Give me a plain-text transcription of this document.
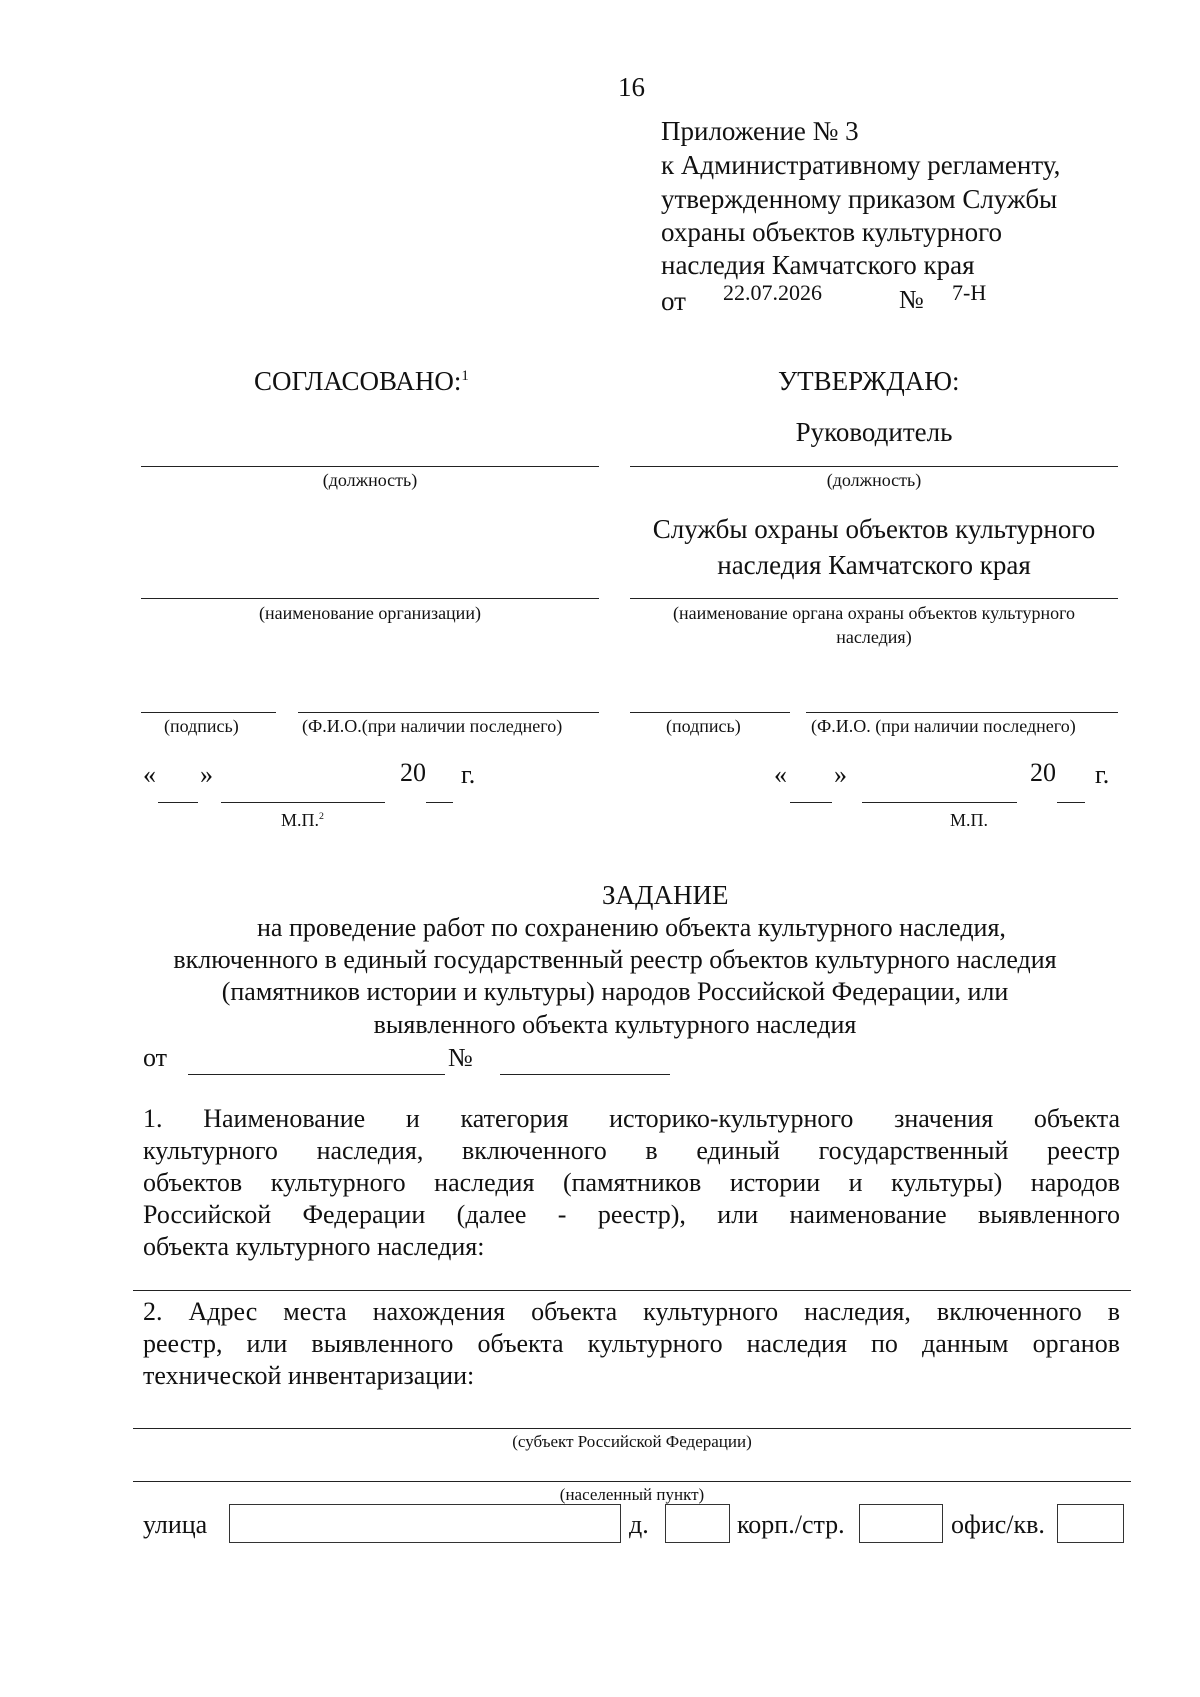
16
Приложение № 3
к Административному регламенту,
утвержденному приказом Службы
охраны объектов культурного
наследия Камчатского края
от 22.07.2026	№ 7-Н
СОГЛАСОВАНО:$^1$
(должность)
(наименование организации)
(подпись)	(Ф.И.О.(при наличии последнего)
« »	20 г.
М.П.$^2$
УТВЕРЖДАЮ:
Руководитель
(должность)
Службы охраны объектов культурного
наследия Камчатского края
(наименование органа охраны объектов культурного
наследия)
(подпись)	(Ф.И.О. (при наличии последнего)
« »	20 г.
М.П.
ЗАДАНИЕ
на проведение работ по сохранению объекта культурного наследия,
включенного в единый государственный реестр объектов культурного наследия
(памятников истории и культуры) народов Российской Федерации, или
выявленного объекта культурного наследия
от	№
1. Наименование и категория историко-культурного значения объекта
культурного наследия, включенного в единый государственный реестр
объектов культурного наследия (памятников истории и культуры) народов
Российской Федерации (далее - реестр), или наименование выявленного
объекта культурного наследия:
2. Адрес места нахождения объекта культурного наследия, включенного в
реестр, или выявленного объекта культурного наследия по данным органов
технической инвентаризации:
(субъект Российской Федерации)
(населенный пункт)
улица	д.	корп./стр.	офис/кв.
